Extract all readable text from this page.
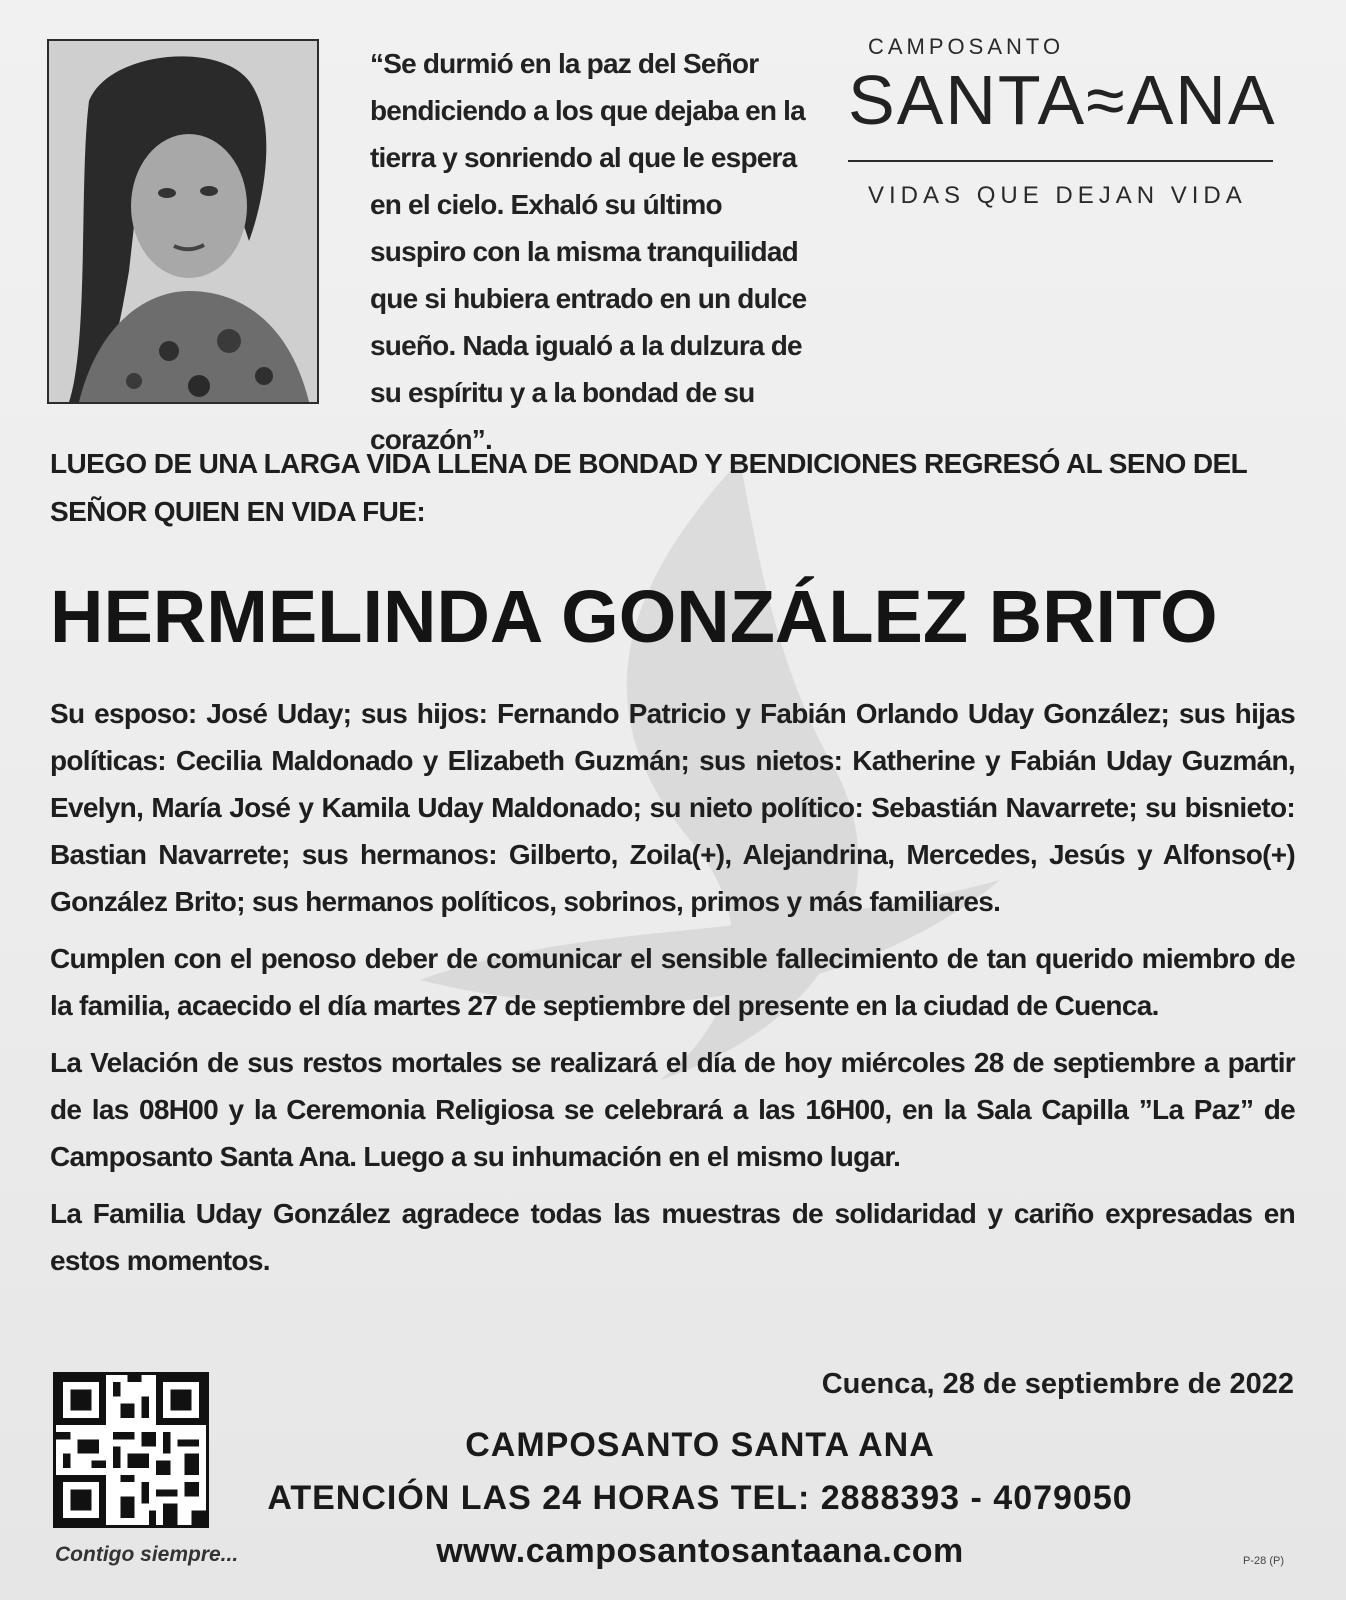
“Se durmió en la paz del Señor bendiciendo a los que dejaba en la tierra y sonriendo al que le espera en el cielo. Exhaló su último suspiro con la misma tranquilidad que si hubiera entrado en un dulce sueño. Nada igualó a la dulzura de su espíritu y a la bondad de su corazón”.
CAMPOSANTO
SANTA≈ANA
VIDAS QUE DEJAN VIDA
LUEGO DE UNA LARGA VIDA LLENA DE BONDAD Y BENDICIONES REGRESÓ AL SENO DEL SEÑOR QUIEN EN VIDA FUE:
HERMELINDA GONZÁLEZ BRITO

Su esposo: José Uday; sus hijos: Fernando Patricio y Fabián Orlando Uday González; sus hijas políticas: Cecilia Maldonado y Elizabeth Guzmán; sus nietos: Katherine y Fabián Uday Guzmán, Evelyn, María José y Kamila Uday Maldonado; su nieto político: Sebastián Navarrete; su bisnieto: Bastian Navarrete; sus hermanos: Gilberto, Zoila(+), Alejandrina, Mercedes, Jesús y Alfonso(+) González Brito; sus hermanos políticos, sobrinos, primos y más familiares.

Cumplen con el penoso deber de comunicar el sensible fallecimiento de tan querido miembro de la familia, acaecido el día martes 27 de septiembre del presente en la ciudad de Cuenca.

La Velación de sus restos mortales se realizará el día de hoy miércoles 28 de septiembre a partir de las 08H00 y la Ceremonia Religiosa se celebrará a las 16H00, en la Sala Capilla ”La Paz” de Camposanto Santa Ana. Luego a su inhumación en el mismo lugar.

La Familia Uday González agradece todas las muestras de solidaridad y cariño expresadas en estos momentos.

Contigo siempre...
Cuenca, 28 de septiembre de 2022
CAMPOSANTO SANTA ANA
ATENCIÓN LAS 24 HORAS TEL: 2888393 - 4079050
www.camposantosantaana.com	P-28 (P)
